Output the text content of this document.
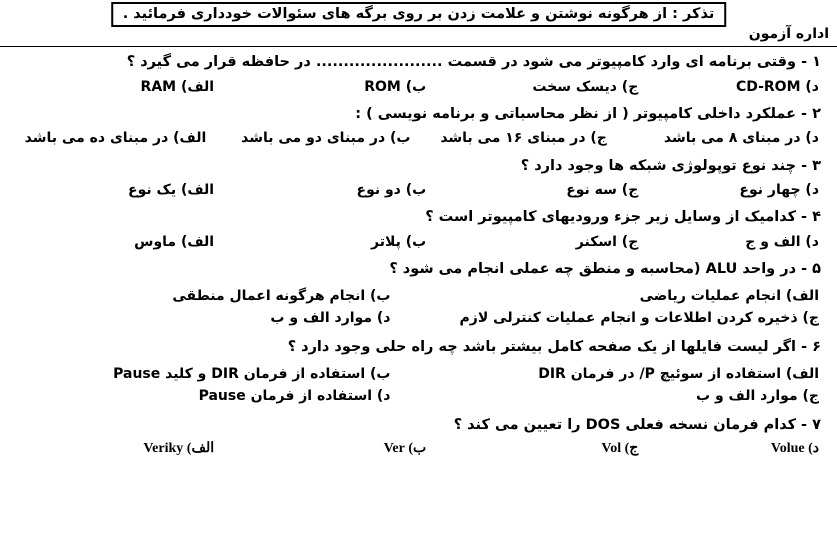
تذکر : از هرگونه نوشتن و علامت زدن بر روی برگه های سئوالات خودداری فرمائید .
اداره آزمون
۱ - وقتی برنامه ای وارد کامپیوتر می شود در قسمت ....................... در حافظه قرار می گیرد ؟
د) CD-ROM
ج) دیسک سخت
ب) ROM
الف) RAM
۲ - عملکرد داخلی کامپیوتر ( از نظر محاسباتی و برنامه نویسی ) :
د) در مبنای ۸ می باشد
ج) در مبنای ۱۶ می باشد
ب) در مبنای دو می باشد
الف) در مبنای ده می باشد
۳ - چند نوع توپولوژی شبکه ها وجود دارد ؟
د) چهار نوع
ج) سه نوع
ب) دو نوع
الف) یک نوع
۴ - کدامیک از وسایل زیر جزء ورودیهای کامپیوتر است ؟
د) الف و ج
ج) اسکنر
ب) پلاتر
الف) ماوس
۵ - در واحد ALU (محاسبه و منطق چه عملی انجام می شود ؟
الف) انجام عملیات ریاضی
ب) انجام هرگونه اعمال منطقی
ج) ذخیره کردن اطلاعات و انجام عملیات کنترلی لازم
د) موارد الف و ب
۶ - اگر لیست فایلها از یک صفحه کامل بیشتر باشد چه راه حلی وجود دارد ؟
الف) استفاده از سوئیچ P/ در فرمان DIR
ب) استفاده از فرمان DIR و کلید Pause
ج) موارد الف و ب
د) استفاده از فرمان Pause
۷ - کدام فرمان نسخه فعلی DOS را تعیین می کند ؟
د) Volue
ج) Vol
ب) Ver
الف) Veriky
